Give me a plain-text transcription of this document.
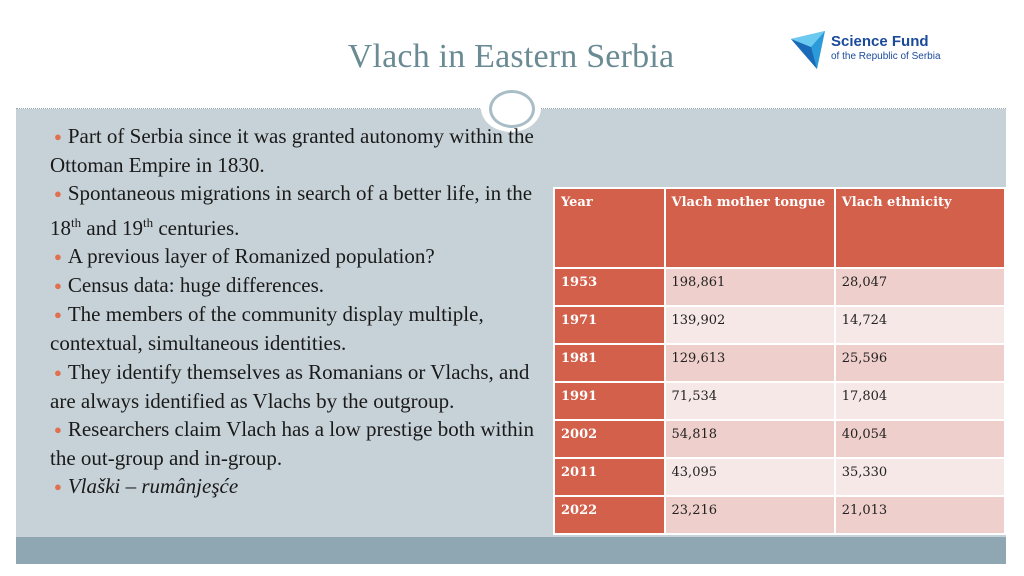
Vlach in Eastern Serbia	Science Fund
of the Republic of Serbia
● Part of Serbia since it was granted autonomy within the Ottoman Empire in 1830.
● Spontaneous migrations in search of a better life, in the 18th and 19th centuries.
● A previous layer of Romanized population?
● Census data: huge differences.
● The members of the community display multiple, contextual, simultaneous identities.
● They identify themselves as Romanians or Vlachs, and are always identified as Vlachs by the outgroup.
● Researchers claim Vlach has a low prestige both within the out-group and in-group.
● Vlaški – rumânjeşće
Year	Vlach mother tongue	Vlach ethnicity
1953	198,861	28,047
1971	139,902	14,724
1981	129,613	25,596
1991	71,534	17,804
2002	54,818	40,054
2011	43,095	35,330
2022	23,216	21,013
